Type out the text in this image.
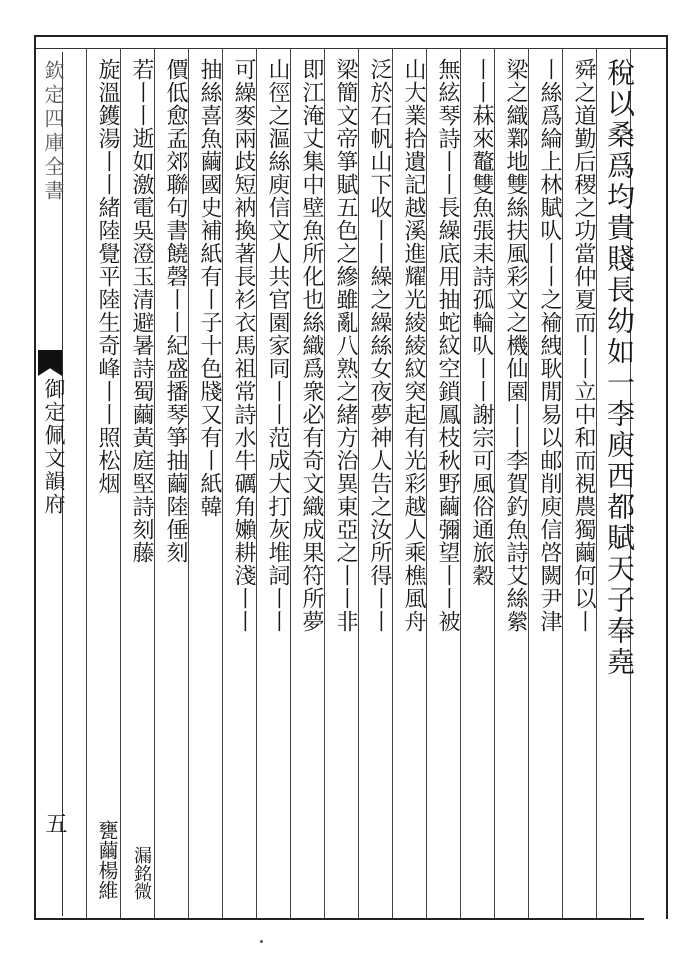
稅以桑爲均貴賤長幼如一李庾西都賦天子奉堯
舜之道勤后稷之功當仲夏而丨丨立中和而視農獨繭何以丨
丨絲爲綸上林賦㕥丨丨之褕絏耿閒易以邮削庾信啓闕尹津
梁之織鄴地雙絲扶風彩文之機仙園丨丨李賀釣魚詩艾絲縈
丨丨菻來鼇雙魚張耒詩孤輪㕥丨丨謝宗可風俗通旅穀
無絃琴詩丨丨長繰底用抽蛇紋空鎖鳳枝秋野繭彌望丨丨被
山大業拾遺記越溪進耀光綾綾紋突起有光彩越人乘樵風舟
泛於石帆山下收丨丨繰之繰絲女夜夢神人告之汝所得丨丨
梁簡文帝箏賦五色之縿雖亂八熟之緒方治異東亞之丨丨非
即江淹丈集中壁魚所化也絲織爲衆必有奇文織成果符所夢
山徑之漚絲庾信文人共官園家同丨丨范成大打灰堆詞丨丨
可繰麥兩歧短衲換著長衫衣馬祖常詩水牛礪角嬾耕淺丨丨
抽絲喜魚繭國史補紙有丨子十色牋又有丨紙韓
價低愈孟郊聯句書饒磬丨丨紀盛播琴箏抽繭陸倕刻
若丨丨逝如激電吳澄玉清避暑詩蜀繭黃庭堅詩刻藤
漏銘微
旋溫鑊湯丨丨緒陸覺平陸生奇峰丨丨照松烟
甕繭楊維
欽定四庫全書
御定佩文韻府
五
